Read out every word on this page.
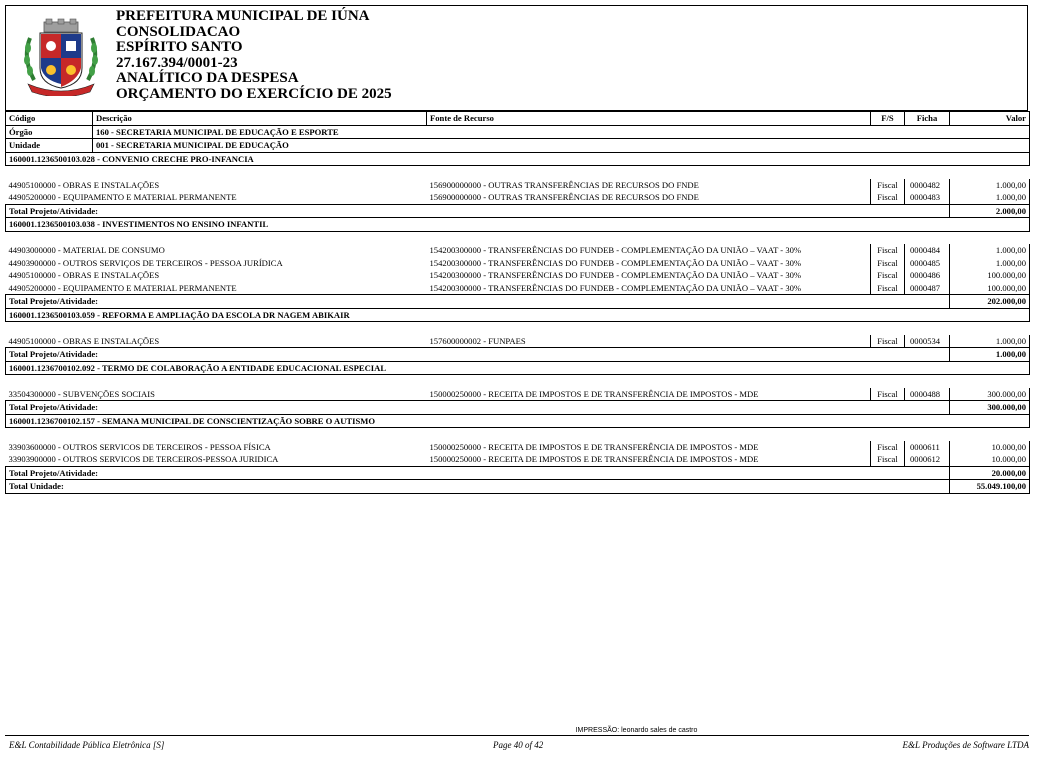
PREFEITURA MUNICIPAL DE IÚNA
CONSOLIDACAO
ESPÍRITO SANTO
27.167.394/0001-23
ANALÍTICO DA DESPESA
ORÇAMENTO DO EXERCÍCIO DE 2025
Código	Descrição	Fonte de Recurso	F/S	Ficha	Valor
Órgão	160 - SECRETARIA MUNICIPAL DE EDUCAÇÃO E ESPORTE				
Unidade	001 - SECRETARIA MUNICIPAL DE EDUCAÇÃO				
160001.1236500103.028 - CONVENIO CRECHE PRO-INFANCIA					

44905100000 - OBRAS E INSTALAÇÕES		156900000000 - OUTRAS TRANSFERÊNCIAS DE RECURSOS DO FNDE	Fiscal	0000482	1.000,00
44905200000 - EQUIPAMENTO E MATERIAL PERMANENTE		156900000000 - OUTRAS TRANSFERÊNCIAS DE RECURSOS DO FNDE	Fiscal	0000483	1.000,00
Total Projeto/Atividade:					2.000,00
160001.1236500103.038 - INVESTIMENTOS NO ENSINO INFANTIL					

44903000000 - MATERIAL DE CONSUMO		154200300000 - TRANSFERÊNCIAS DO FUNDEB - COMPLEMENTAÇÃO DA UNIÃO – VAAT - 30%	Fiscal	0000484	1.000,00
44903900000 - OUTROS SERVIÇOS DE TERCEIROS - PESSOA JURÍDICA		154200300000 - TRANSFERÊNCIAS DO FUNDEB - COMPLEMENTAÇÃO DA UNIÃO – VAAT - 30%	Fiscal	0000485	1.000,00
44905100000 - OBRAS E INSTALAÇÕES		154200300000 - TRANSFERÊNCIAS DO FUNDEB - COMPLEMENTAÇÃO DA UNIÃO – VAAT - 30%	Fiscal	0000486	100.000,00
44905200000 - EQUIPAMENTO E MATERIAL PERMANENTE		154200300000 - TRANSFERÊNCIAS DO FUNDEB - COMPLEMENTAÇÃO DA UNIÃO – VAAT - 30%	Fiscal	0000487	100.000,00
Total Projeto/Atividade:					202.000,00
160001.1236500103.059 - REFORMA E AMPLIAÇÃO DA ESCOLA DR NAGEM ABIKAIR					

44905100000 - OBRAS E INSTALAÇÕES		157600000002 - FUNPAES	Fiscal	0000534	1.000,00
Total Projeto/Atividade:					1.000,00
160001.1236700102.092 - TERMO DE COLABORAÇÃO A ENTIDADE EDUCACIONAL ESPECIAL					

33504300000 - SUBVENÇÕES SOCIAIS		150000250000 - RECEITA DE IMPOSTOS E DE TRANSFERÊNCIA DE IMPOSTOS - MDE	Fiscal	0000488	300.000,00
Total Projeto/Atividade:					300.000,00
160001.1236700102.157 - SEMANA MUNICIPAL DE CONSCIENTIZAÇÃO SOBRE O AUTISMO					

33903600000 - OUTROS SERVICOS DE TERCEIROS - PESSOA FÍSICA		150000250000 - RECEITA DE IMPOSTOS E DE TRANSFERÊNCIA DE IMPOSTOS - MDE	Fiscal	0000611	10.000,00
33903900000 - OUTROS SERVICOS DE TERCEIROS-PESSOA JURIDICA		150000250000 - RECEITA DE IMPOSTOS E DE TRANSFERÊNCIA DE IMPOSTOS - MDE	Fiscal	0000612	10.000,00
Total Projeto/Atividade:					20.000,00
Total Unidade:					55.049.100,00
IMPRESSÃO: leonardo sales de castro
E&L Contabilidade Pública Eletrônica [S]	Page 40 of 42	E&L Produções de Software LTDA
